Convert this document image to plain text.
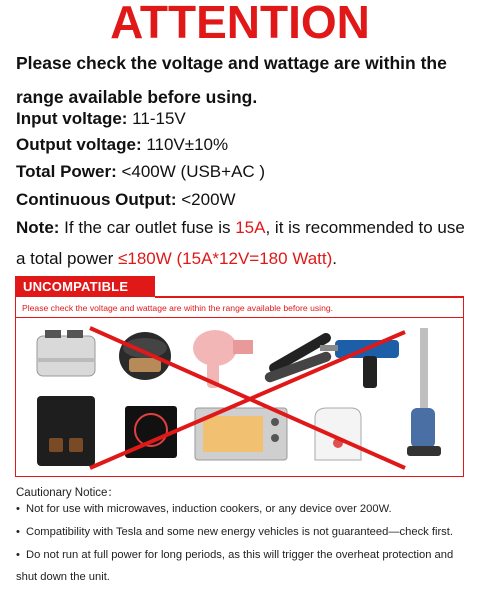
ATTENTION
Please check the voltage and wattage are within the range available before using.
Input voltage: 11-15V
Output voltage: 110V±10%
Total Power: <400W (USB+AC )
Continuous Output: <200W
Note: If the car outlet fuse is 15A, it is recommended to use a total power ≤180W (15A*12V=180 Watt).
UNCOMPATIBLE
Please check the voltage and wattage are within the range available before using.
Cautionary Notice：
• Not for use with microwaves, induction cookers, or any device over 200W.
• Compatibility with Tesla and some new energy vehicles is not guaranteed—check first.
• Do not run at full power for long periods, as this will trigger the overheat protection and shut down the unit.
